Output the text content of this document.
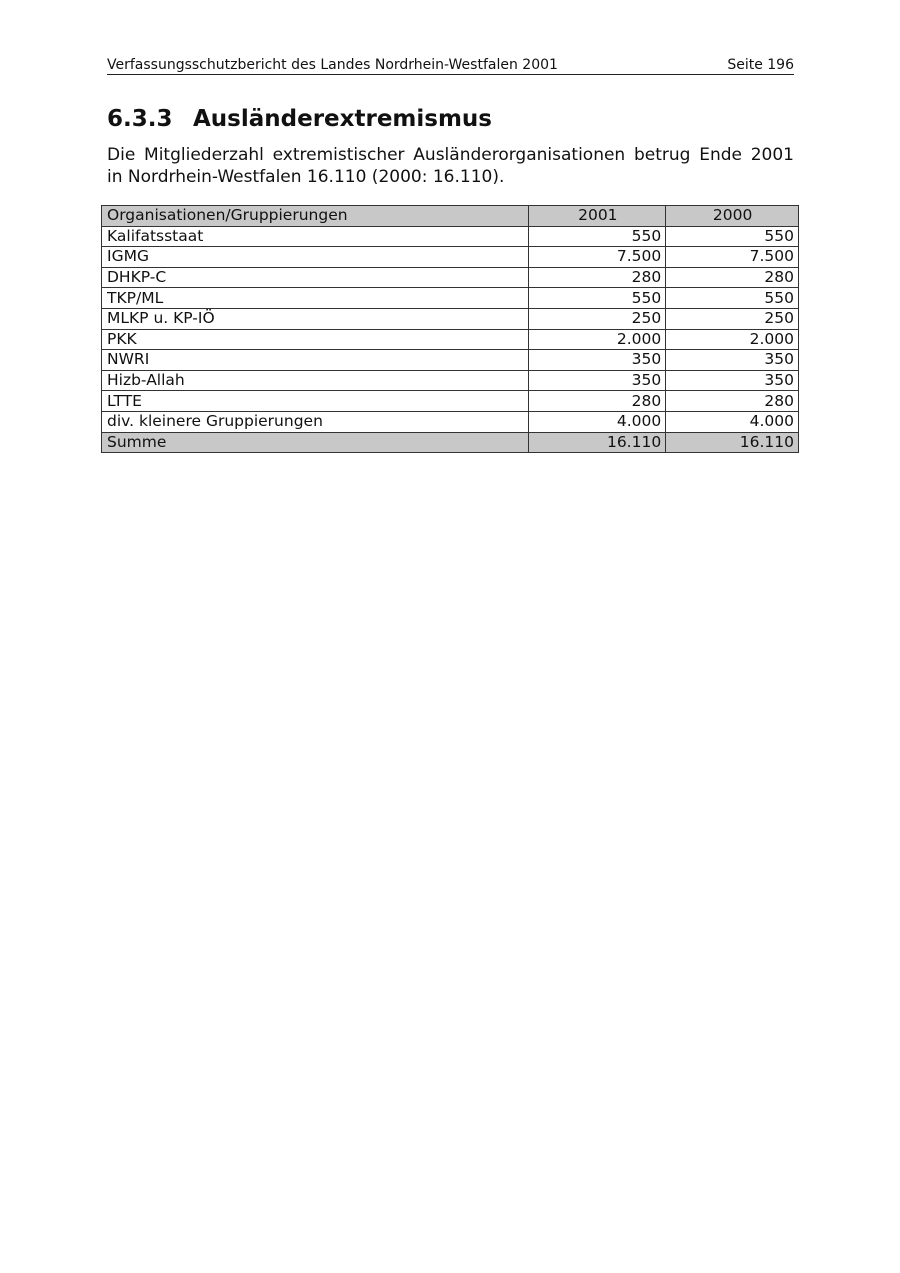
Verfassungsschutzbericht des Landes Nordrhein-Westfalen 2001	Seite 196
6.3.3 Ausländerextremismus

Die Mitgliederzahl extremistischer Ausländerorganisationen betrug Ende 2001 in Nordrhein-Westfalen 16.110 (2000: 16.110).

Organisationen/Gruppierungen	2001	2000
Kalifatsstaat	550	550
IGMG	7.500	7.500
DHKP-C	280	280
TKP/ML	550	550
MLKP u. KP-IÖ	250	250
PKK	2.000	2.000
NWRI	350	350
Hizb-Allah	350	350
LTTE	280	280
div. kleinere Gruppierungen	4.000	4.000
Summe	16.110	16.110
